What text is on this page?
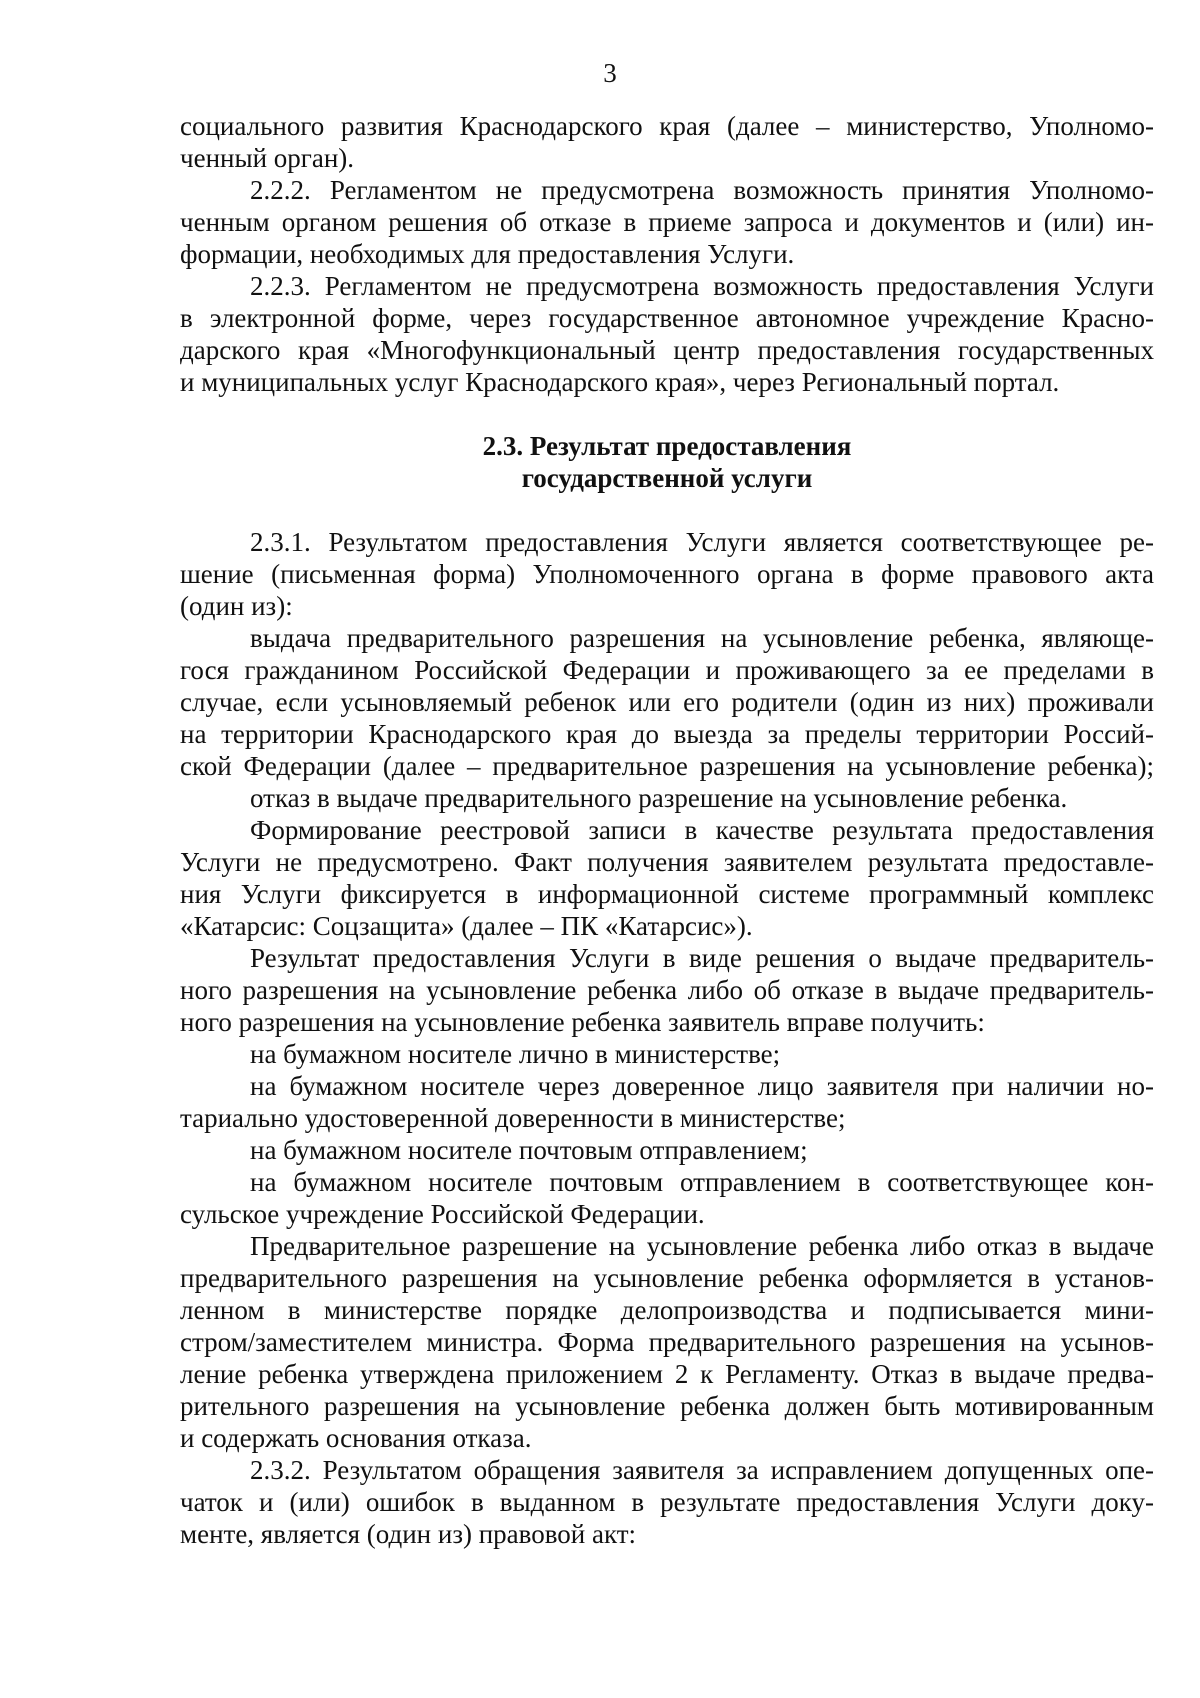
3
социального развития Краснодарского края (далее – министерство, Уполномо-
ченный орган).
2.2.2. Регламентом не предусмотрена возможность принятия Уполномо-
ченным органом решения об отказе в приеме запроса и документов и (или) ин-
формации, необходимых для предоставления Услуги.
2.2.3. Регламентом не предусмотрена возможность предоставления Услуги
в электронной форме, через государственное автономное учреждение Красно-
дарского края «Многофункциональный центр предоставления государственных
и муниципальных услуг Краснодарского края», через Региональный портал.
2.3. Результат предоставления
государственной услуги
2.3.1. Результатом предоставления Услуги является соответствующее ре-
шение (письменная форма) Уполномоченного органа в форме правового акта
(один из):
выдача предварительного разрешения на усыновление ребенка, являюще-
гося гражданином Российской Федерации и проживающего за ее пределами в
случае, если усыновляемый ребенок или его родители (один из них) проживали
на территории Краснодарского края до выезда за пределы территории Россий-
ской Федерации (далее – предварительное разрешения на усыновление ребенка);
отказ в выдаче предварительного разрешение на усыновление ребенка.
Формирование реестровой записи в качестве результата предоставления
Услуги не предусмотрено. Факт получения заявителем результата предоставле-
ния Услуги фиксируется в информационной системе программный комплекс
«Катарсис: Соцзащита» (далее – ПК «Катарсис»).
Результат предоставления Услуги в виде решения о выдаче предваритель-
ного разрешения на усыновление ребенка либо об отказе в выдаче предваритель-
ного разрешения на усыновление ребенка заявитель вправе получить:
на бумажном носителе лично в министерстве;
на бумажном носителе через доверенное лицо заявителя при наличии но-
тариально удостоверенной доверенности в министерстве;
на бумажном носителе почтовым отправлением;
на бумажном носителе почтовым отправлением в соответствующее кон-
сульское учреждение Российской Федерации.
Предварительное разрешение на усыновление ребенка либо отказ в выдаче
предварительного разрешения на усыновление ребенка оформляется в установ-
ленном в министерстве порядке делопроизводства и подписывается мини-
стром/заместителем министра. Форма предварительного разрешения на усынов-
ление ребенка утверждена приложением 2 к Регламенту. Отказ в выдаче предва-
рительного разрешения на усыновление ребенка должен быть мотивированным
и содержать основания отказа.
2.3.2. Результатом обращения заявителя за исправлением допущенных опе-
чаток и (или) ошибок в выданном в результате предоставления Услуги доку-
менте, является (один из) правовой акт:
